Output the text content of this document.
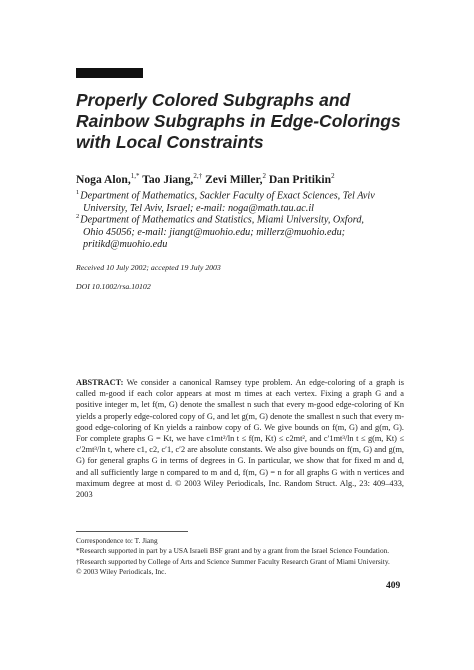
Properly Colored Subgraphs and
Rainbow Subgraphs in Edge-Colorings
with Local Constraints
Noga Alon,$^{1,*}$ Tao Jiang,$^{2,\dagger}$ Zevi Miller,$^2$ Dan Pritikin$^2$
$^1$Department of Mathematics, Sackler Faculty of Exact Sciences, Tel Aviv
University, Tel Aviv, Israel; e-mail: noga@math.tau.ac.il
$^2$Department of Mathematics and Statistics, Miami University, Oxford,
Ohio 45056; e-mail: jiangt@muohio.edu; millerz@muohio.edu;
pritikd@muohio.edu
Received 10 July 2002; accepted 19 July 2003
DOI 10.1002/rsa.10102
ABSTRACT: We consider a canonical Ramsey type problem. An edge-coloring of a graph is called m-good if each color appears at most m times at each vertex. Fixing a graph G and a positive integer m, let f(m, G) denote the smallest n such that every m-good edge-coloring of Kn yields a properly edge-colored copy of G, and let g(m, G) denote the smallest n such that every m-good edge-coloring of Kn yields a rainbow copy of G. We give bounds on f(m, G) and g(m, G). For complete graphs G = Kt, we have c1mt²/ln t ≤ f(m, Kt) ≤ c2mt², and c′1mt³/ln t ≤ g(m, Kt) ≤ c′2mt³/ln t, where c1, c2, c′1, c′2 are absolute constants. We also give bounds on f(m, G) and g(m, G) for general graphs G in terms of degrees in G. In particular, we show that for fixed m and d, and all sufficiently large n compared to m and d, f(m, G) = n for all graphs G with n vertices and maximum degree at most d. © 2003 Wiley Periodicals, Inc. Random Struct. Alg., 23: 409–433, 2003
Correspondence to: T. Jiang
*Research supported in part by a USA Israeli BSF grant and by a grant from the Israel Science Foundation.
†Research supported by College of Arts and Science Summer Faculty Research Grant of Miami University.
© 2003 Wiley Periodicals, Inc.
409
